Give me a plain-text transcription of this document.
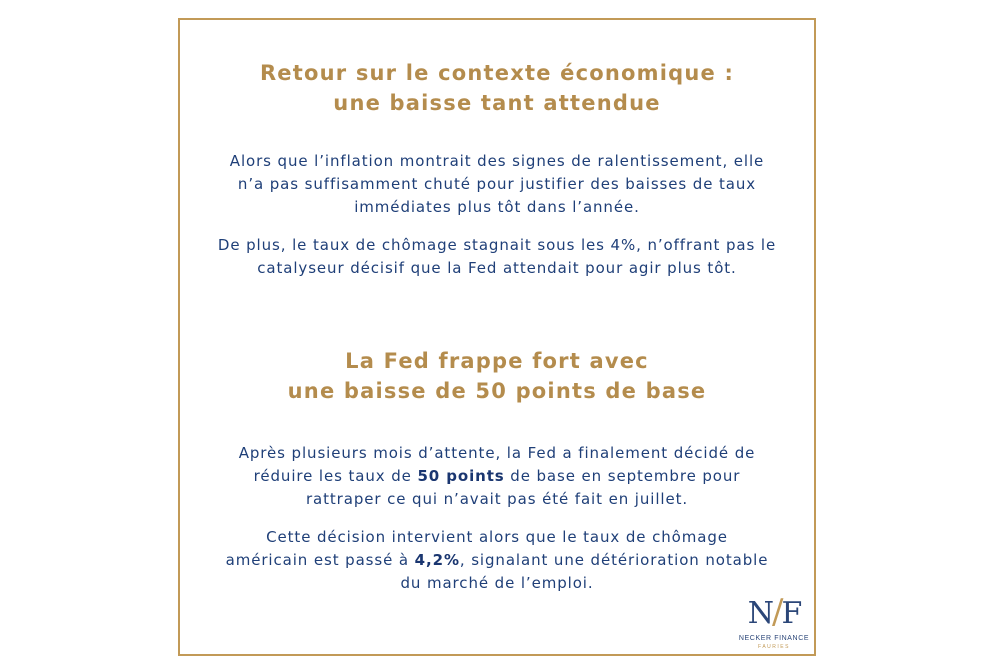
Retour sur le contexte économique :
une baisse tant attendue

Alors que l’inflation montrait des signes de ralentissement, elle
n’a pas suffisamment chuté pour justifier des baisses de taux
immédiates plus tôt dans l’année.

De plus, le taux de chômage stagnait sous les 4%, n’offrant pas le
catalyseur décisif que la Fed attendait pour agir plus tôt.

La Fed frappe fort avec
une baisse de 50 points de base

Après plusieurs mois d’attente, la Fed a finalement décidé de
réduire les taux de 50 points de base en septembre pour
rattraper ce qui n’avait pas été fait en juillet.

Cette décision intervient alors que le taux de chômage
américain est passé à 4,2%, signalant une détérioration notable
du marché de l’emploi.

N/F
NECKER FINANCE
FAURIES
